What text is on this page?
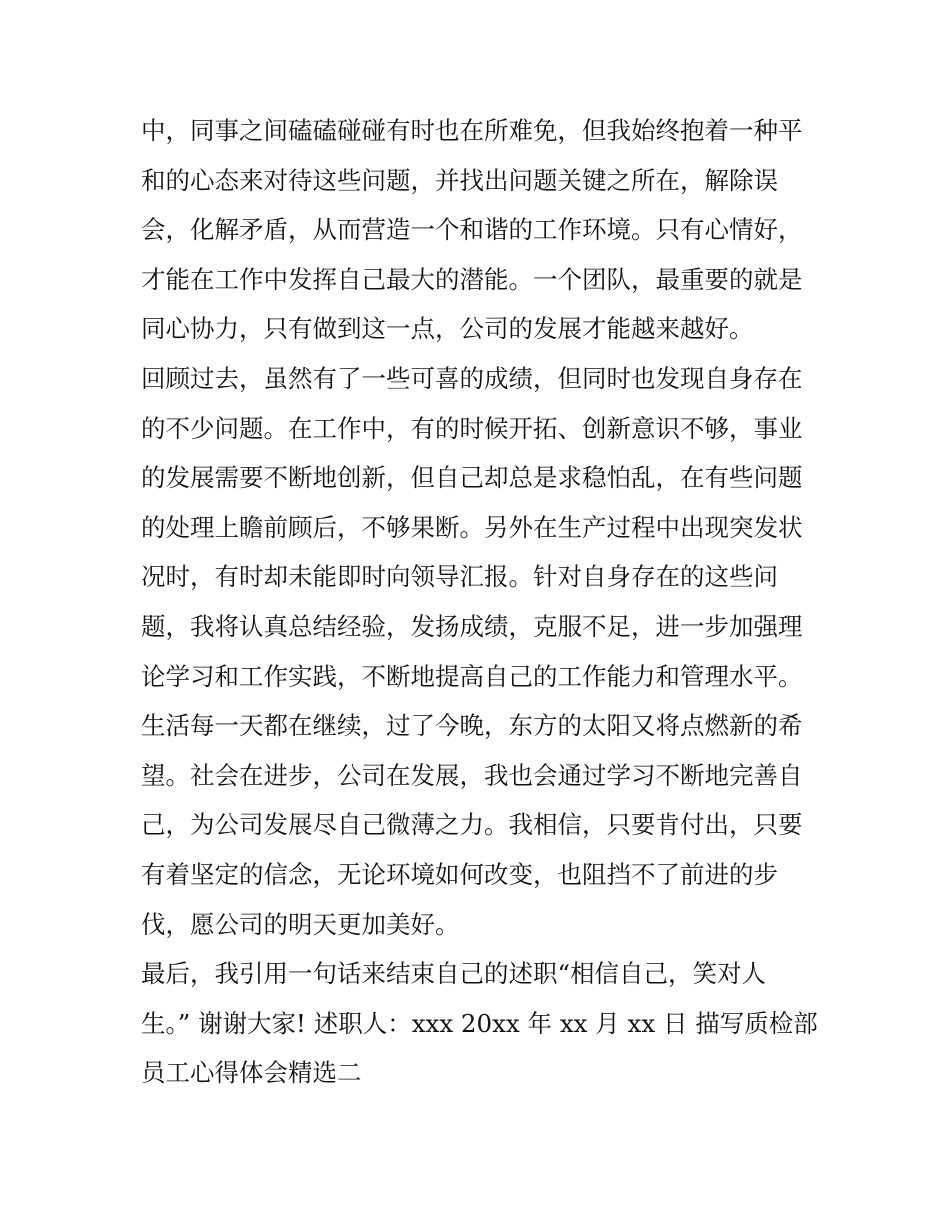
中，同事之间磕磕碰碰有时也在所难免，但我始终抱着一种平
和的心态来对待这些问题，并找出问题关键之所在，解除误
会，化解矛盾，从而营造一个和谐的工作环境。只有心情好，
才能在工作中发挥自己最大的潜能。一个团队，最重要的就是
同心协力，只有做到这一点，公司的发展才能越来越好。
回顾过去，虽然有了一些可喜的成绩，但同时也发现自身存在
的不少问题。在工作中，有的时候开拓、创新意识不够，事业
的发展需要不断地创新，但自己却总是求稳怕乱，在有些问题
的处理上瞻前顾后，不够果断。另外在生产过程中出现突发状
况时，有时却未能即时向领导汇报。针对自身存在的这些问
题，我将认真总结经验，发扬成绩，克服不足，进一步加强理
论学习和工作实践，不断地提高自己的工作能力和管理水平。
生活每一天都在继续，过了今晚，东方的太阳又将点燃新的希
望。社会在进步，公司在发展，我也会通过学习不断地完善自
己，为公司发展尽自己微薄之力。我相信，只要肯付出，只要
有着坚定的信念，无论环境如何改变，也阻挡不了前进的步
伐，愿公司的明天更加美好。
最后，我引用一句话来结束自己的述职“相信自己，笑对人
生。” 谢谢大家! 述职人：xxx 20xx 年 xx 月 xx 日 描写质检部
员工心得体会精选二
